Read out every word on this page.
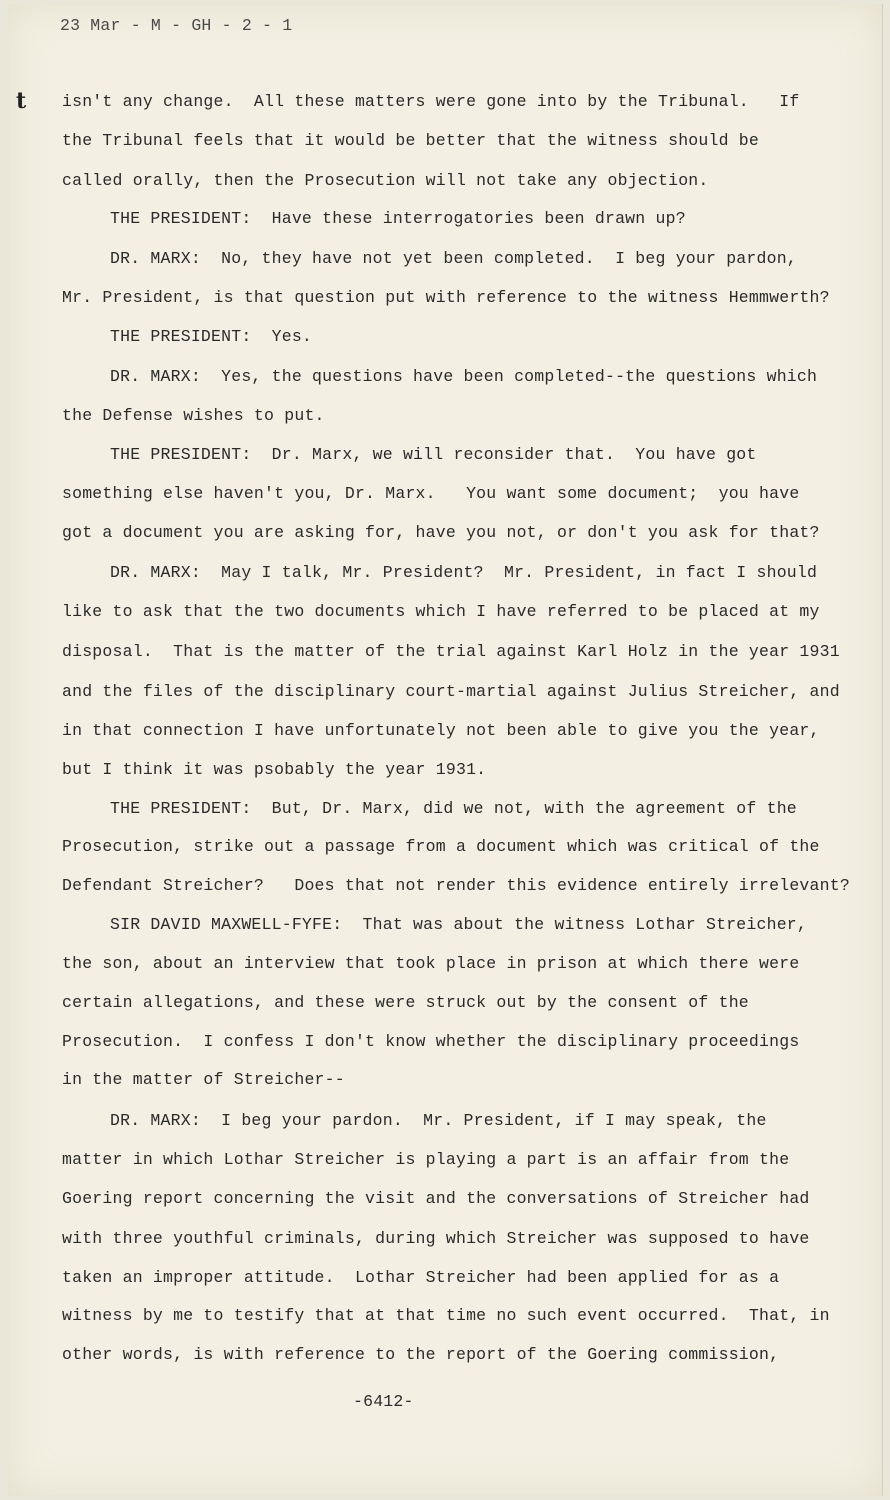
23 Mar - M - GH - 2 - 1
t isn't any change.  All these matters were gone into by the Tribunal.   If
the Tribunal feels that it would be better that the witness should be
called orally, then the Prosecution will not take any objection.
THE PRESIDENT:  Have these interrogatories been drawn up?
DR. MARX:  No, they have not yet been completed.  I beg your pardon,
Mr. President, is that question put with reference to the witness Hemmwerth?
THE PRESIDENT:  Yes.
DR. MARX:  Yes, the questions have been completed--the questions which
the Defense wishes to put.
THE PRESIDENT:  Dr. Marx, we will reconsider that.  You have got
something else haven't you, Dr. Marx.   You want some document;  you have
got a document you are asking for, have you not, or don't you ask for that?
DR. MARX:  May I talk, Mr. President?  Mr. President, in fact I should
like to ask that the two documents which I have referred to be placed at my
disposal.  That is the matter of the trial against Karl Holz in the year 1931
and the files of the disciplinary court-martial against Julius Streicher, and
in that connection I have unfortunately not been able to give you the year,
but I think it was psobably the year 1931.
THE PRESIDENT:  But, Dr. Marx, did we not, with the agreement of the
Prosecution, strike out a passage from a document which was critical of the
Defendant Streicher?   Does that not render this evidence entirely irrelevant?
SIR DAVID MAXWELL-FYFE:  That was about the witness Lothar Streicher,
the son, about an interview that took place in prison at which there were
certain allegations, and these were struck out by the consent of the
Prosecution.  I confess I don't know whether the disciplinary proceedings
in the matter of Streicher--
DR. MARX:  I beg your pardon.  Mr. President, if I may speak, the
matter in which Lothar Streicher is playing a part is an affair from the
Goering report concerning the visit and the conversations of Streicher had
with three youthful criminals, during which Streicher was supposed to have
taken an improper attitude.  Lothar Streicher had been applied for as a
witness by me to testify that at that time no such event occurred.  That, in
other words, is with reference to the report of the Goering commission,
-6412-
